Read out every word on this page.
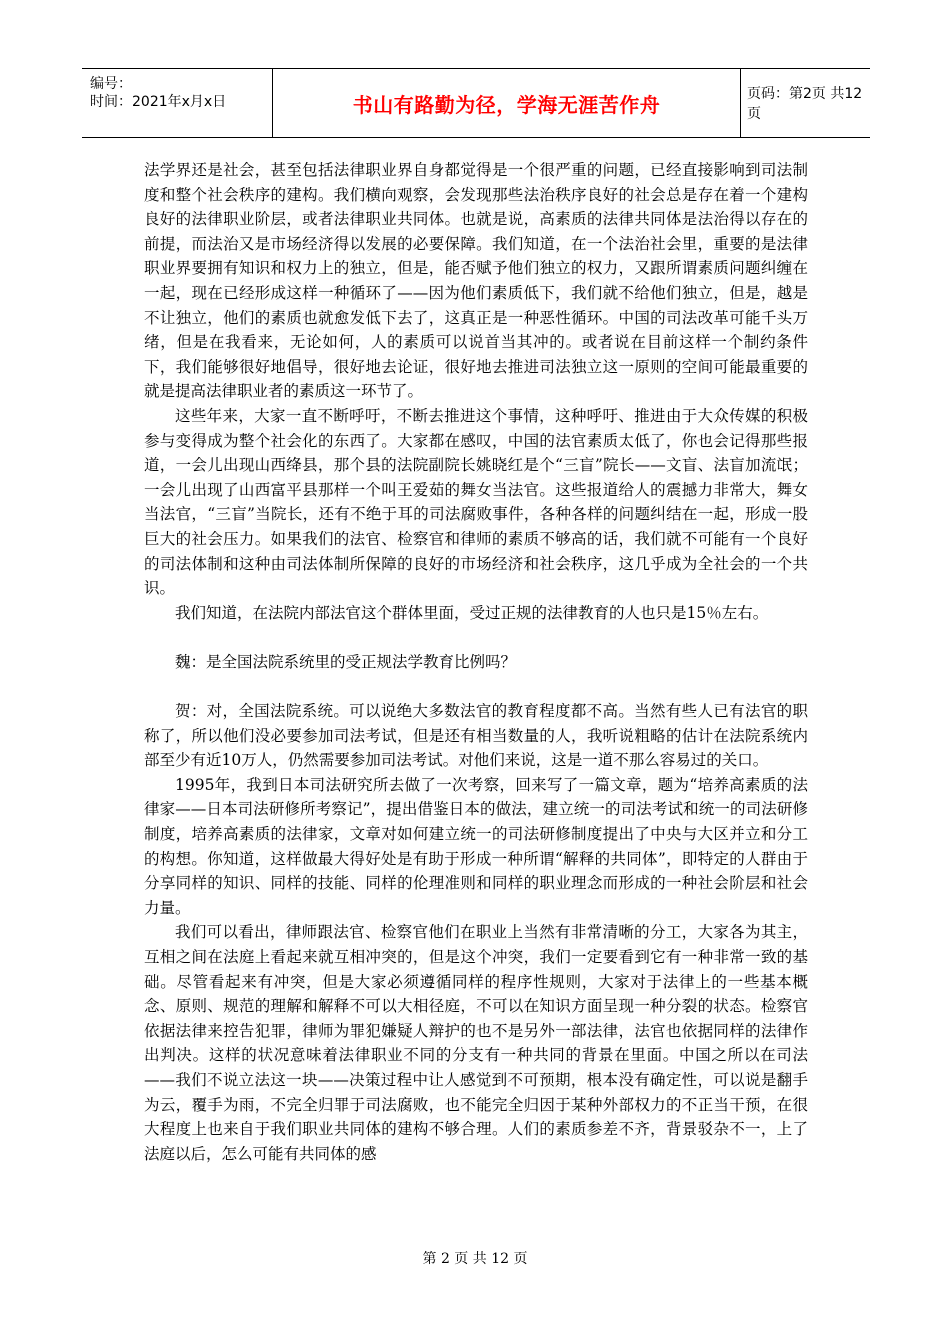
编号：
时间：2021年x月x日	书山有路勤为径，学海无涯苦作舟	页码：第2页 共12页

法学界还是社会，甚至包括法律职业界自身都觉得是一个很严重的问题，已经直接影响到司法制度和整个社会秩序的建构。我们横向观察，会发现那些法治秩序良好的社会总是存在着一个建构良好的法律职业阶层，或者法律职业共同体。也就是说，高素质的法律共同体是法治得以存在的前提，而法治又是市场经济得以发展的必要保障。我们知道，在一个法治社会里，重要的是法律职业界要拥有知识和权力上的独立，但是，能否赋予他们独立的权力，又跟所谓素质问题纠缠在一起，现在已经形成这样一种循环了——因为他们素质低下，我们就不给他们独立，但是，越是不让独立，他们的素质也就愈发低下去了，这真正是一种恶性循环。中国的司法改革可能千头万绪，但是在我看来，无论如何，人的素质可以说首当其冲的。或者说在目前这样一个制约条件下，我们能够很好地倡导，很好地去论证，很好地去推进司法独立这一原则的空间可能最重要的就是提高法律职业者的素质这一环节了。

这些年来，大家一直不断呼吁，不断去推进这个事情，这种呼吁、推进由于大众传媒的积极参与变得成为整个社会化的东西了。大家都在感叹，中国的法官素质太低了，你也会记得那些报道，一会儿出现山西绛县，那个县的法院副院长姚晓红是个“三盲”院长——文盲、法盲加流氓；一会儿出现了山西富平县那样一个叫王爱茹的舞女当法官。这些报道给人的震撼力非常大，舞女当法官，“三盲”当院长，还有不绝于耳的司法腐败事件，各种各样的问题纠结在一起，形成一股巨大的社会压力。如果我们的法官、检察官和律师的素质不够高的话，我们就不可能有一个良好的司法体制和这种由司法体制所保障的良好的市场经济和社会秩序，这几乎成为全社会的一个共识。

我们知道，在法院内部法官这个群体里面，受过正规的法律教育的人也只是15％左右。

魏：是全国法院系统里的受正规法学教育比例吗？

贺：对，全国法院系统。可以说绝大多数法官的教育程度都不高。当然有些人已有法官的职称了，所以他们没必要参加司法考试，但是还有相当数量的人，我听说粗略的估计在法院系统内部至少有近10万人，仍然需要参加司法考试。对他们来说，这是一道不那么容易过的关口。

1995年，我到日本司法研究所去做了一次考察，回来写了一篇文章，题为“培养高素质的法律家——日本司法研修所考察记”，提出借鉴日本的做法，建立统一的司法考试和统一的司法研修制度，培养高素质的法律家，文章对如何建立统一的司法研修制度提出了中央与大区并立和分工的构想。你知道，这样做最大得好处是有助于形成一种所谓“解释的共同体”，即特定的人群由于分享同样的知识、同样的技能、同样的伦理准则和同样的职业理念而形成的一种社会阶层和社会力量。

我们可以看出，律师跟法官、检察官他们在职业上当然有非常清晰的分工，大家各为其主，互相之间在法庭上看起来就互相冲突的，但是这个冲突，我们一定要看到它有一种非常一致的基础。尽管看起来有冲突，但是大家必须遵循同样的程序性规则，大家对于法律上的一些基本概念、原则、规范的理解和解释不可以大相径庭，不可以在知识方面呈现一种分裂的状态。检察官依据法律来控告犯罪，律师为罪犯嫌疑人辩护的也不是另外一部法律，法官也依据同样的法律作出判决。这样的状况意味着法律职业不同的分支有一种共同的背景在里面。中国之所以在司法——我们不说立法这一块——决策过程中让人感觉到不可预期，根本没有确定性，可以说是翻手为云，覆手为雨，不完全归罪于司法腐败，也不能完全归因于某种外部权力的不正当干预，在很大程度上也来自于我们职业共同体的建构不够合理。人们的素质参差不齐，背景驳杂不一，上了法庭以后，怎么可能有共同体的感

第 2 页 共 12 页
